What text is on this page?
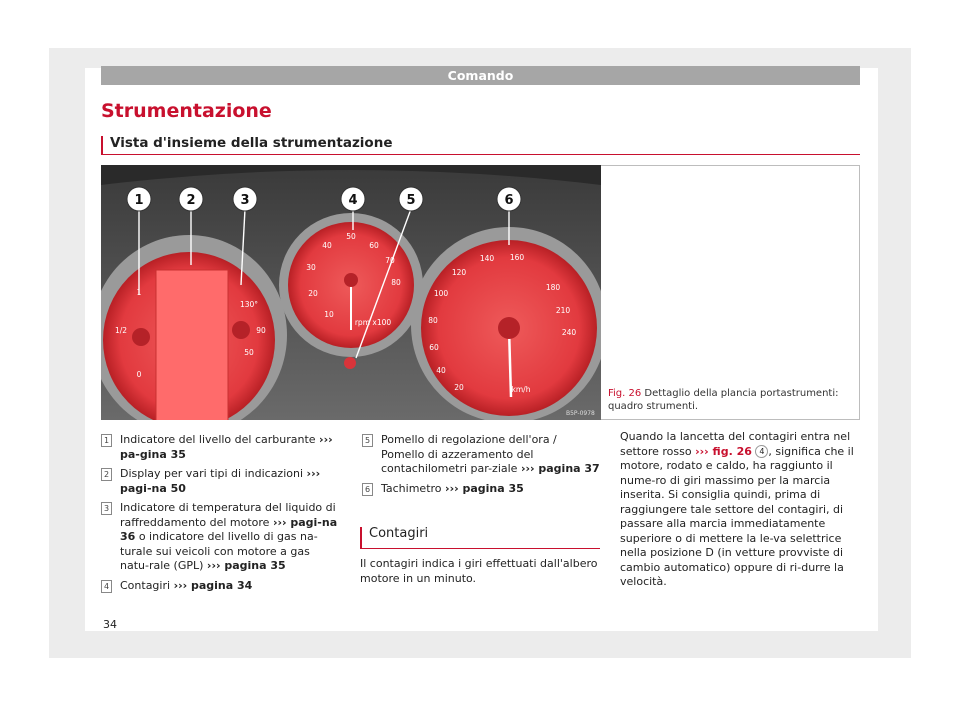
Comando
Strumentazione
Vista d'insieme della strumentazione
1	2	3	4	5	6
1/2
0
1
130°
90
50
10
20
30
40
50
60
70
80
rpm x100
20
40
60
80
100
120
140 160
180
210
240
km/h
B5P-0978
Fig. 26 Dettaglio della plancia portastrumenti: quadro strumenti.
1 Indicatore del livello del carburante ››› pa-gina 35
2 Display per vari tipi di indicazioni ››› pagi-na 50
3 Indicatore di temperatura del liquido di raffreddamento del motore ››› pagi-na 36 o indicatore del livello di gas na-turale sui veicoli con motore a gas natu-rale (GPL) ››› pagina 35
4 Contagiri ››› pagina 34
5 Pomello di regolazione dell'ora / Pomello di azzeramento del contachilometri par-ziale ››› pagina 37
6 Tachimetro ››› pagina 35
Contagiri

Il contagiri indica i giri effettuati dall'albero motore in un minuto.

Quando la lancetta del contagiri entra nel settore rosso ››› fig. 26 4 , significa che il motore, rodato e caldo, ha raggiunto il nume-ro di giri massimo per la marcia inserita. Si consiglia quindi, prima di raggiungere tale settore del contagiri, di passare alla marcia immediatamente superiore o di mettere la le-va selettrice nella posizione D (in vetture provviste di cambio automatico) oppure di ri-durre la velocità.

34
